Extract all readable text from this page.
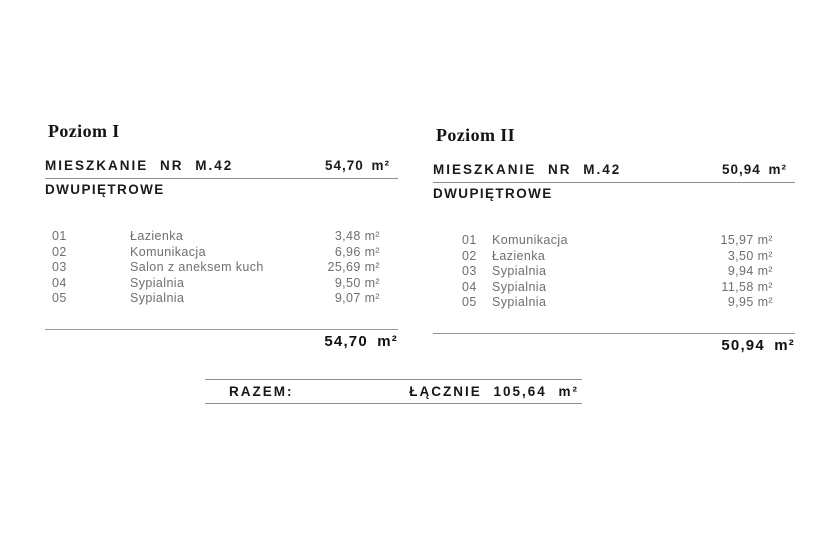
Poziom I
MIESZKANIE NR M.42	54,70 m²
DWUPIĘTROWE
01	Łazienka	3,48 m²
02	Komunikacja	6,96 m²
03	Salon z aneksem kuch	25,69 m²
04	Sypialnia	9,50 m²
05	Sypialnia	9,07 m²
54,70 m²
Poziom II
MIESZKANIE NR M.42	50,94 m²
DWUPIĘTROWE
01	Komunikacja	15,97 m²
02	Łazienka	3,50 m²
03	Sypialnia	9,94 m²
04	Sypialnia	11,58 m²
05	Sypialnia	9,95 m²
50,94 m²
RAZEM:	ŁĄCZNIE 105,64 m²
